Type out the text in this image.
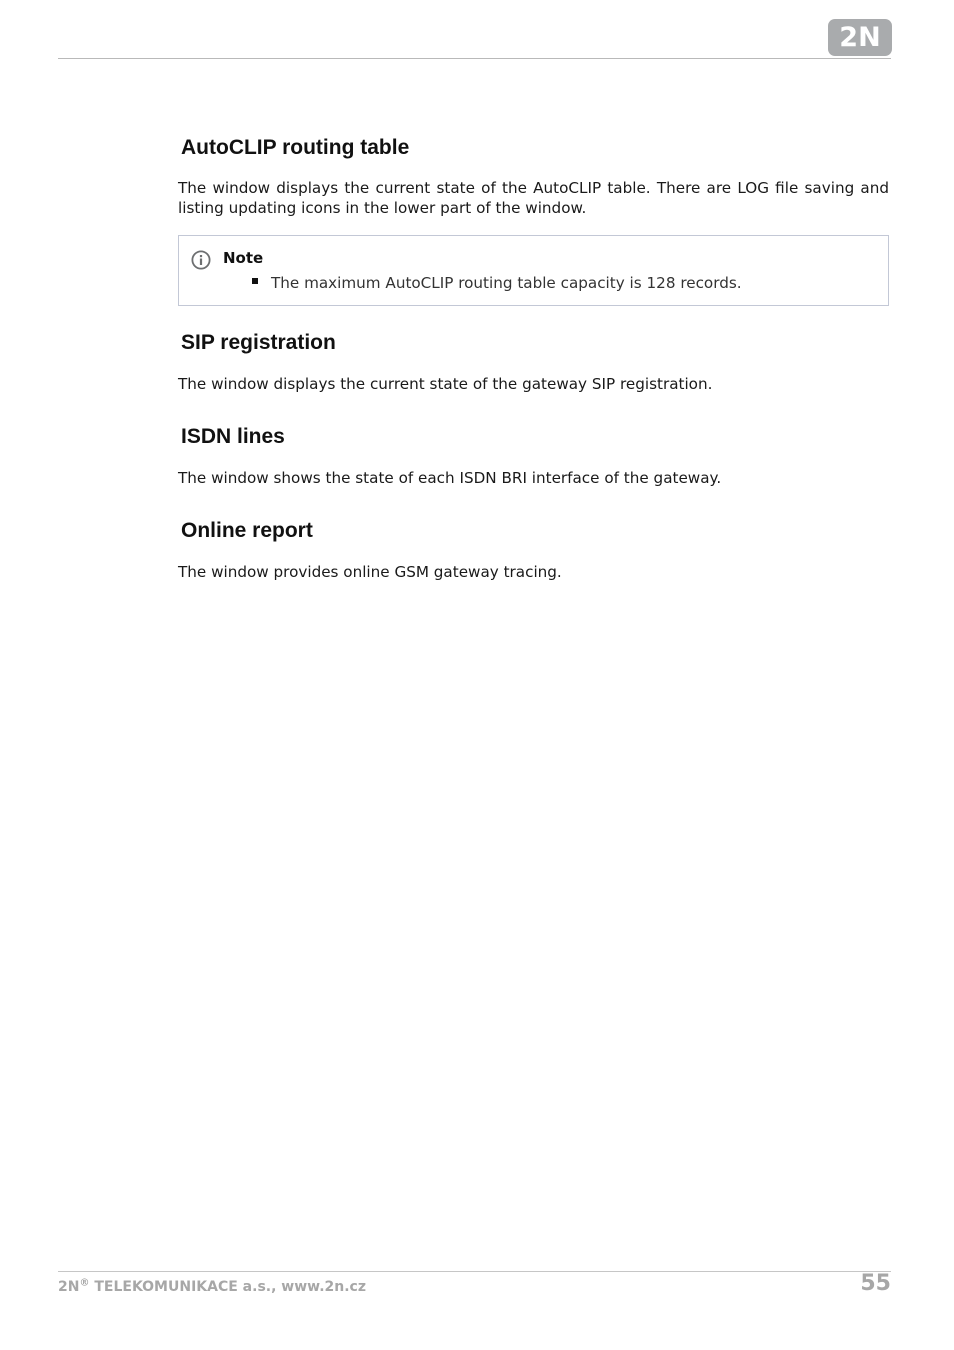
2N
AutoCLIP routing table

The window displays the current state of the AutoCLIP table. There are LOG file saving and listing updating icons in the lower part of the window.

Note
The maximum AutoCLIP routing table capacity is 128 records.
SIP registration

The window displays the current state of the gateway SIP registration.

ISDN lines

The window shows the state of each ISDN BRI interface of the gateway.

Online report

The window provides online GSM gateway tracing.

2N® TELEKOMUNIKACE a.s., www.2n.cz	55
